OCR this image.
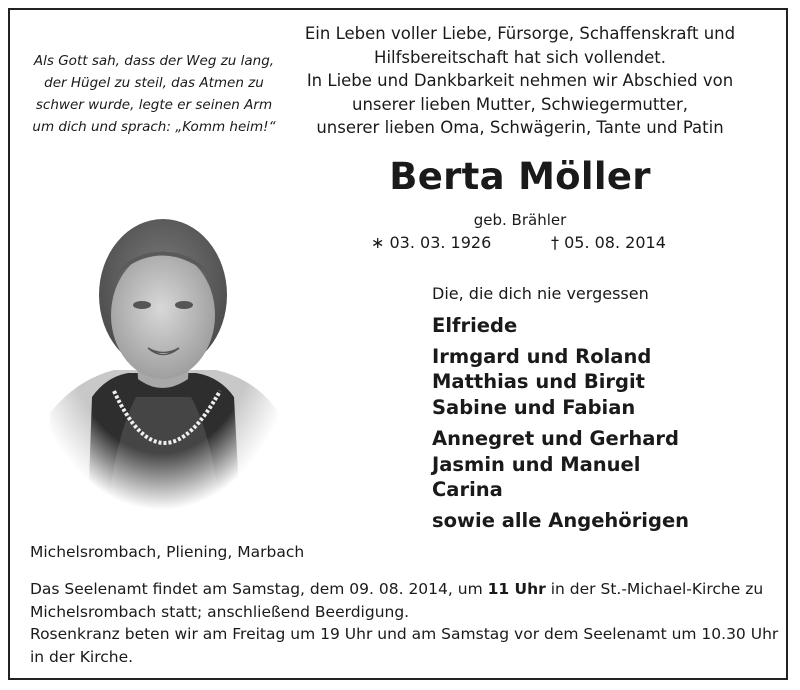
Als Gott sah, dass der Weg zu lang,
der Hügel zu steil, das Atmen zu
schwer wurde, legte er seinen Arm
um dich und sprach: „Komm heim!“
Ein Leben voller Liebe, Fürsorge, Schaffenskraft und
Hilfsbereitschaft hat sich vollendet.
In Liebe und Dankbarkeit nehmen wir Abschied von
unserer lieben Mutter, Schwiegermutter,
unserer lieben Oma, Schwägerin, Tante und Patin
Berta Möller
geb. Brähler
∗ 03. 03. 1926	† 05. 08. 2014
Die, die dich nie vergessen
Elfriede
Irmgard und Roland
Matthias und Birgit
Sabine und Fabian
Annegret und Gerhard
Jasmin und Manuel
Carina
sowie alle Angehörigen
Michelsrombach, Pliening, Marbach
Das Seelenamt findet am Samstag, dem 09. 08. 2014, um 11 Uhr in der St.-Michael-Kirche zu
Michelsrombach statt; anschließend Beerdigung.
Rosenkranz beten wir am Freitag um 19 Uhr und am Samstag vor dem Seelenamt um 10.30 Uhr
in der Kirche.
